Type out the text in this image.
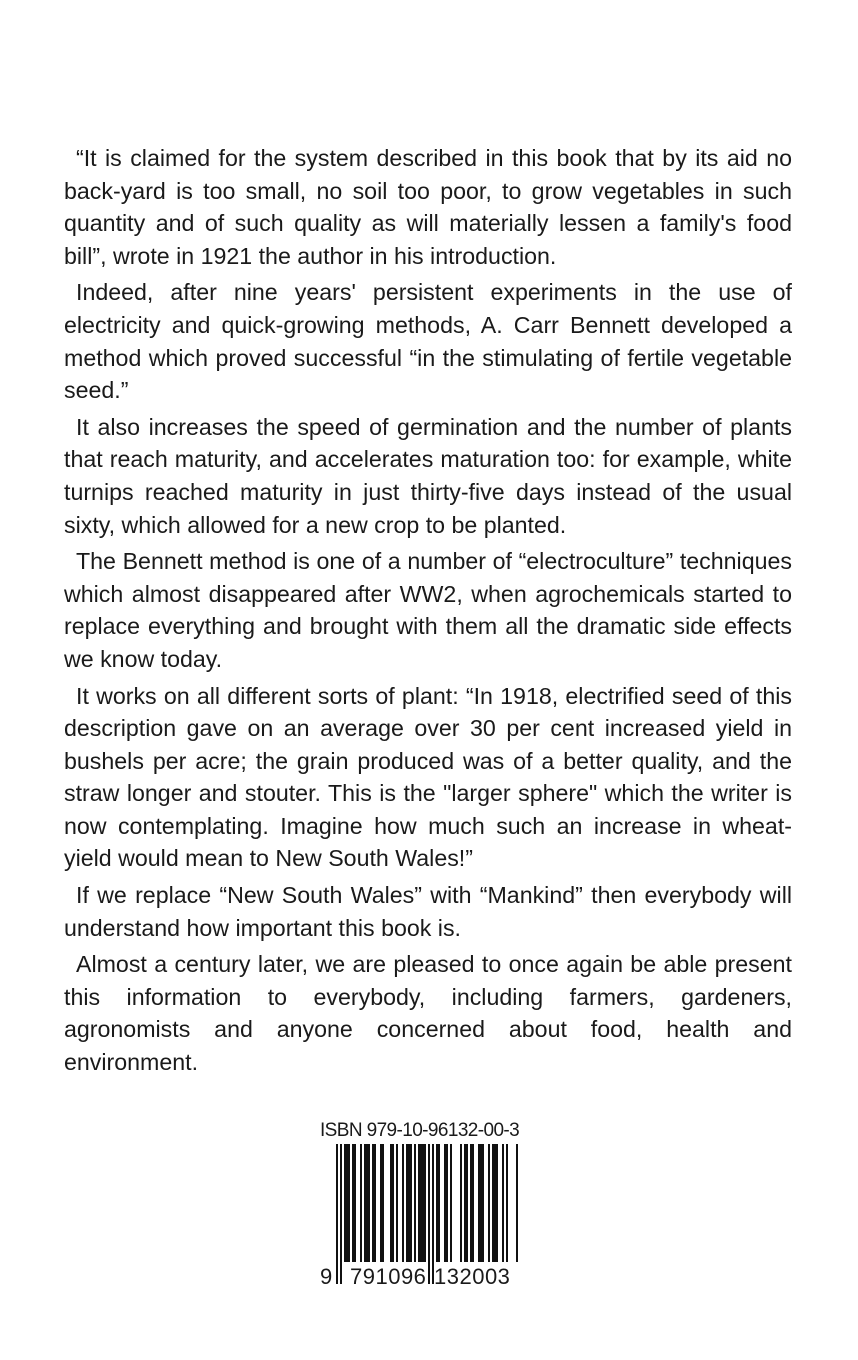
“It is claimed for the system described in this book that by its aid no back-yard is too small, no soil too poor, to grow vegetables in such quantity and of such quality as will materially lessen a family's food bill”, wrote in 1921 the author in his introduction.

Indeed, after nine years' persistent experiments in the use of electricity and quick-growing methods, A. Carr Bennett developed a method which proved successful “in the stimulating of fertile vegetable seed.”

It also increases the speed of germination and the number of plants that reach maturity, and accelerates maturation too: for example, white turnips reached maturity in just thirty-five days instead of the usual sixty, which allowed for a new crop to be planted.

The Bennett method is one of a number of “electroculture” techniques which almost disappeared after WW2, when agrochemicals started to replace everything and brought with them all the dramatic side effects we know today.

It works on all different sorts of plant: “In 1918, electrified seed of this description gave on an average over 30 per cent increased yield in bushels per acre; the grain produced was of a better quality, and the straw longer and stouter. This is the "larger sphere" which the writer is now contemplating. Imagine how much such an increase in wheat-yield would mean to New South Wales!”

If we replace “New South Wales” with “Mankind” then everybody will understand how important this book is.

Almost a century later, we are pleased to once again be able present this information to everybody, including farmers, gardeners, agronomists and anyone concerned about food, health and environment.

ISBN 979-10-96132-00-3
9 791096 132003
